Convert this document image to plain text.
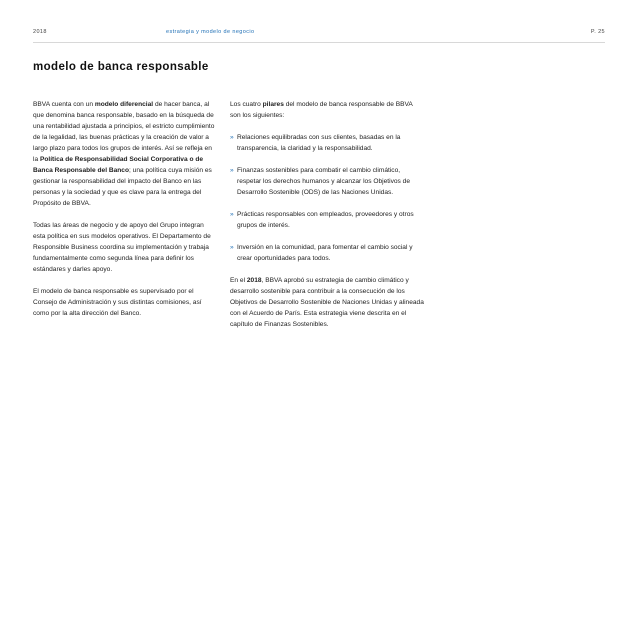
2018	estrategia y modelo de negocio	P. 25
modelo de banca responsable

BBVA cuenta con un modelo diferencial de hacer banca, al que denomina banca responsable, basado en la búsqueda de una rentabilidad ajustada a principios, el estricto cumplimiento de la legalidad, las buenas prácticas y la creación de valor a largo plazo para todos los grupos de interés. Así se refleja en la Política de Responsabilidad Social Corporativa o de Banca Responsable del Banco; una política cuya misión es gestionar la responsabilidad del impacto del Banco en las personas y la sociedad y que es clave para la entrega del Propósito de BBVA.

Todas las áreas de negocio y de apoyo del Grupo integran esta política en sus modelos operativos. El Departamento de Responsible Business coordina su implementación y trabaja fundamentalmente como segunda línea para definir los estándares y darles apoyo.

El modelo de banca responsable es supervisado por el Consejo de Administración y sus distintas comisiones, así como por la alta dirección del Banco.

Los cuatro pilares del modelo de banca responsable de BBVA son los siguientes:

» Relaciones equilibradas con sus clientes, basadas en la transparencia, la claridad y la responsabilidad.
» Finanzas sostenibles para combatir el cambio climático, respetar los derechos humanos y alcanzar los Objetivos de Desarrollo Sostenible (ODS) de las Naciones Unidas.
» Prácticas responsables con empleados, proveedores y otros grupos de interés.
» Inversión en la comunidad, para fomentar el cambio social y crear oportunidades para todos.

En el 2018, BBVA aprobó su estrategia de cambio climático y desarrollo sostenible para contribuir a la consecución de los Objetivos de Desarrollo Sostenible de Naciones Unidas y alineada con el Acuerdo de París. Esta estrategia viene descrita en el capítulo de Finanzas Sostenibles.
